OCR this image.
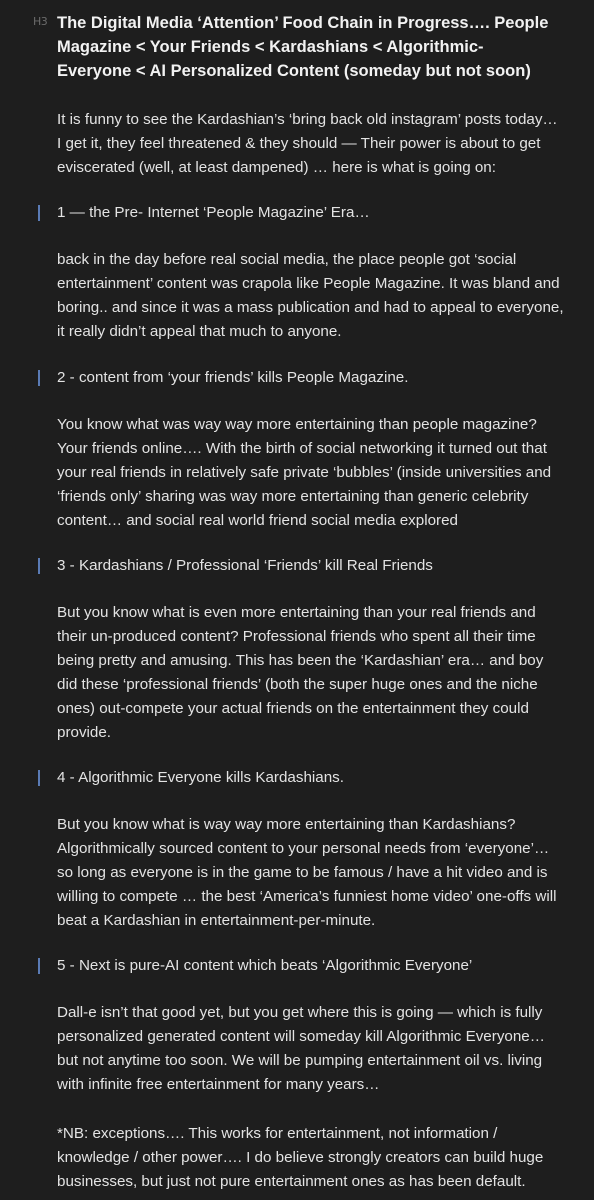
H3 The Digital Media ‘Attention’ Food Chain in Progress…. People Magazine < Your Friends < Kardashians < Algorithmic-Everyone < AI Personalized Content (someday but not soon)

It is funny to see the Kardashian’s ‘bring back old instagram’ posts today… I get it, they feel threatened & they should — Their power is about to get eviscerated (well, at least dampened) … here is what is going on:

1 — the Pre- Internet ‘People Magazine’ Era…

back in the day before real social media, the place people got ‘social entertainment’ content was crapola like People Magazine. It was bland and boring.. and since it was a mass publication and had to appeal to everyone, it really didn’t appeal that much to anyone.

2 - content from ‘your friends’ kills People Magazine.

You know what was way way more entertaining than people magazine? Your friends online…. With the birth of social networking it turned out that your real friends in relatively safe private ‘bubbles’ (inside universities and ‘friends only’ sharing was way more entertaining than generic celebrity content… and social real world friend social media explored

3 - Kardashians / Professional ‘Friends’ kill Real Friends

But you know what is even more entertaining than your real friends and their un-produced content? Professional friends who spent all their time being pretty and amusing. This has been the ‘Kardashian’ era… and boy did these ‘professional friends’ (both the super huge ones and the niche ones) out-compete your actual friends on the entertainment they could provide.

4 - Algorithmic Everyone kills Kardashians.

But you know what is way way more entertaining than Kardashians? Algorithmically sourced content to your personal needs from ‘everyone’… so long as everyone is in the game to be famous / have a hit video and is willing to compete … the best ‘America’s funniest home video’ one-offs will beat a Kardashian in entertainment-per-minute.

5 - Next is pure-AI content which beats ‘Algorithmic Everyone’

Dall-e isn’t that good yet, but you get where this is going — which is fully personalized generated content will someday kill Algorithmic Everyone… but not anytime too soon. We will be pumping entertainment oil vs. living with infinite free entertainment for many years…

*NB: exceptions…. This works for entertainment, not information / knowledge / other power…. I do believe strongly creators can build huge businesses, but just not pure entertainment ones as has been default.
